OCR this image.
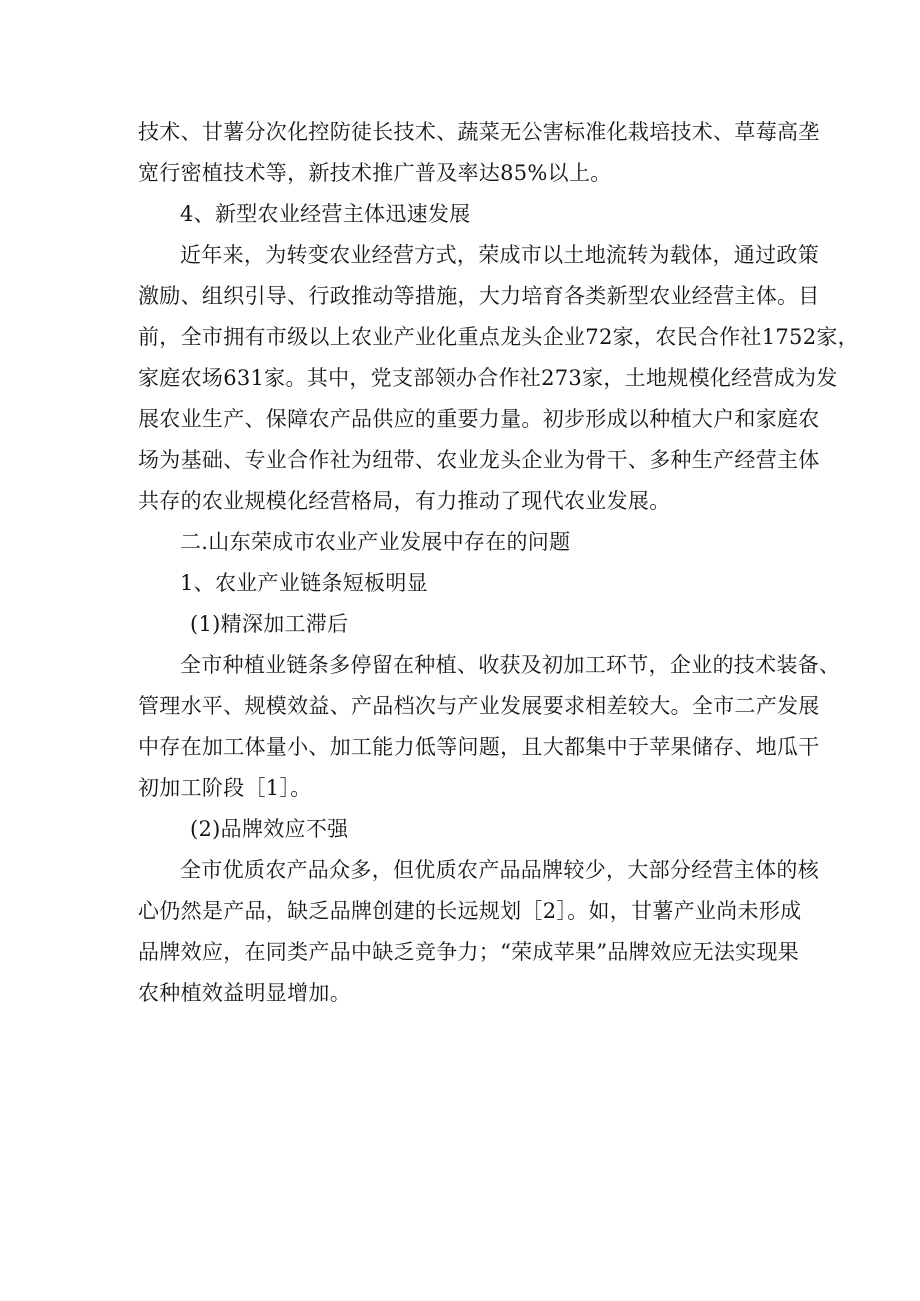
技术、甘薯分次化控防徒长技术、蔬菜无公害标准化栽培技术、草莓高垄
宽行密植技术等，新技术推广普及率达85%以上。

4、新型农业经营主体迅速发展

近年来，为转变农业经营方式，荣成市以土地流转为载体，通过政策
激励、组织引导、行政推动等措施，大力培育各类新型农业经营主体。目
前，全市拥有市级以上农业产业化重点龙头企业72家，农民合作社1752家，
家庭农场631家。其中，党支部领办合作社273家，土地规模化经营成为发
展农业生产、保障农产品供应的重要力量。初步形成以种植大户和家庭农
场为基础、专业合作社为纽带、农业龙头企业为骨干、多种生产经营主体
共存的农业规模化经营格局，有力推动了现代农业发展。

二.山东荣成市农业产业发展中存在的问题

1、农业产业链条短板明显

(1)精深加工滞后

全市种植业链条多停留在种植、收获及初加工环节，企业的技术装备、
管理水平、规模效益、产品档次与产业发展要求相差较大。全市二产发展
中存在加工体量小、加工能力低等问题，且大都集中于苹果储存、地瓜干
初加工阶段［1］。

(2)品牌效应不强

全市优质农产品众多，但优质农产品品牌较少，大部分经营主体的核
心仍然是产品，缺乏品牌创建的长远规划［2］。如，甘薯产业尚未形成
品牌效应，在同类产品中缺乏竞争力；“荣成苹果”品牌效应无法实现果
农种植效益明显增加。
